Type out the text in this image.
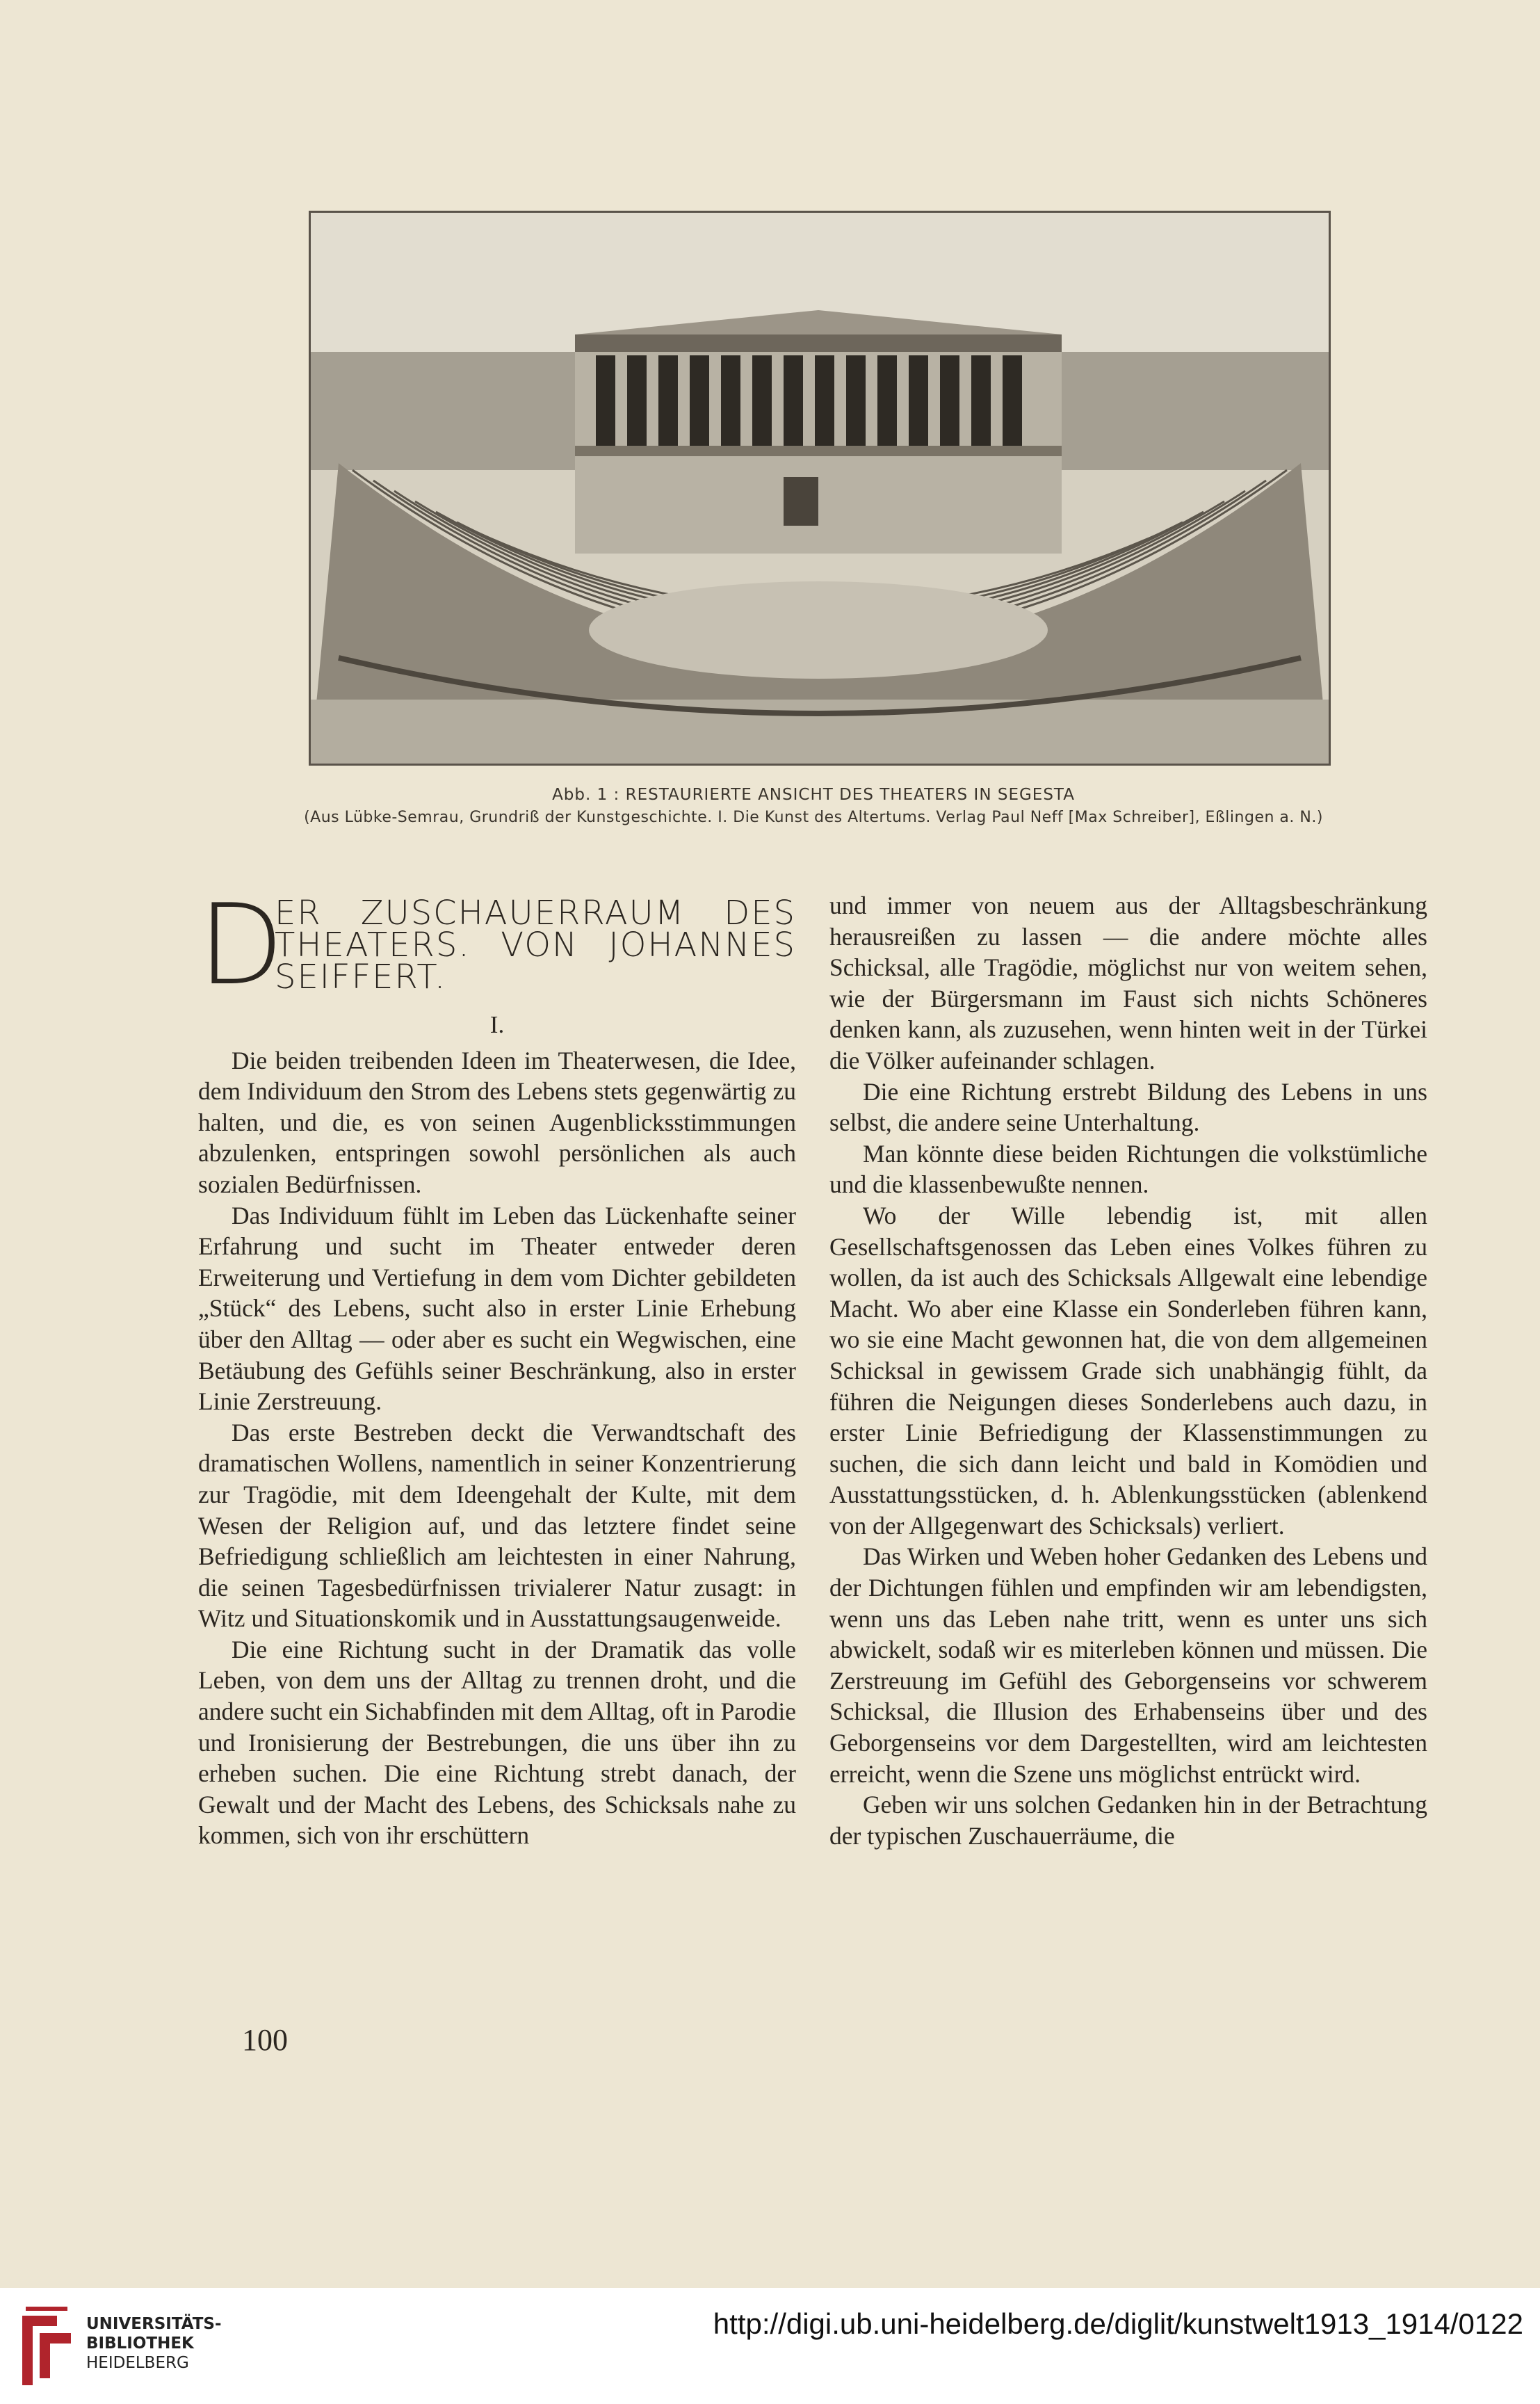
Abb. 1 : RESTAURIERTE ANSICHT DES THEATERS IN SEGESTA
(Aus Lübke-Semrau, Grundriß der Kunstgeschichte. I. Die Kunst des Altertums. Verlag Paul Neff [Max Schreiber], Eßlingen a. N.)
D
ER ZUSCHAUERRAUM DES THEATERS. VON JOHANNES SEIFFERT.
I.

Die beiden treibenden Ideen im Theaterwesen, die Idee, dem Individuum den Strom des Lebens stets gegenwärtig zu halten, und die, es von seinen Augenblicksstimmungen abzulenken, entspringen sowohl persönlichen als auch sozialen Bedürfnissen.

Das Individuum fühlt im Leben das Lückenhafte seiner Erfahrung und sucht im Theater entweder deren Erweiterung und Vertiefung in dem vom Dichter gebildeten „Stück“ des Lebens, sucht also in erster Linie Erhebung über den Alltag — oder aber es sucht ein Wegwischen, eine Betäubung des Gefühls seiner Beschränkung, also in erster Linie Zerstreuung.

Das erste Bestreben deckt die Verwandtschaft des dramatischen Wollens, namentlich in seiner Konzentrierung zur Tragödie, mit dem Ideengehalt der Kulte, mit dem Wesen der Religion auf, und das letztere findet seine Befriedigung schließlich am leichtesten in einer Nahrung, die seinen Tagesbedürfnissen trivialerer Natur zusagt: in Witz und Situationskomik und in Ausstattungsaugenweide.

Die eine Richtung sucht in der Dramatik das volle Leben, von dem uns der Alltag zu trennen droht, und die andere sucht ein Sichabfinden mit dem Alltag, oft in Parodie und Ironisierung der Bestrebungen, die uns über ihn zu erheben suchen. Die eine Richtung strebt danach, der Gewalt und der Macht des Lebens, des Schicksals nahe zu kommen, sich von ihr erschüttern

und immer von neuem aus der Alltagsbeschränkung herausreißen zu lassen — die andere möchte alles Schicksal, alle Tragödie, möglichst nur von weitem sehen, wie der Bürgersmann im Faust sich nichts Schöneres denken kann, als zuzusehen, wenn hinten weit in der Türkei die Völker aufeinander schlagen.

Die eine Richtung erstrebt Bildung des Lebens in uns selbst, die andere seine Unterhaltung.

Man könnte diese beiden Richtungen die volkstümliche und die klassenbewußte nennen.

Wo der Wille lebendig ist, mit allen Gesellschaftsgenossen das Leben eines Volkes führen zu wollen, da ist auch des Schicksals Allgewalt eine lebendige Macht. Wo aber eine Klasse ein Sonderleben führen kann, wo sie eine Macht gewonnen hat, die von dem allgemeinen Schicksal in gewissem Grade sich unabhängig fühlt, da führen die Neigungen dieses Sonderlebens auch dazu, in erster Linie Befriedigung der Klassenstimmungen zu suchen, die sich dann leicht und bald in Komödien und Ausstattungsstücken, d. h. Ablenkungsstücken (ablenkend von der Allgegenwart des Schicksals) verliert.

Das Wirken und Weben hoher Gedanken des Lebens und der Dichtungen fühlen und empfinden wir am lebendigsten, wenn uns das Leben nahe tritt, wenn es unter uns sich abwickelt, sodaß wir es miterleben können und müssen. Die Zerstreuung im Gefühl des Geborgenseins vor schwerem Schicksal, die Illusion des Erhabenseins über und des Geborgenseins vor dem Dargestellten, wird am leichtesten erreicht, wenn die Szene uns möglichst entrückt wird.

Geben wir uns solchen Gedanken hin in der Betrachtung der typischen Zuschauerräume, die

100
UNIVERSITÄTS-
BIBLIOTHEK
HEIDELBERG
http://digi.ub.uni-heidelberg.de/diglit/kunstwelt1913_1914/0122
